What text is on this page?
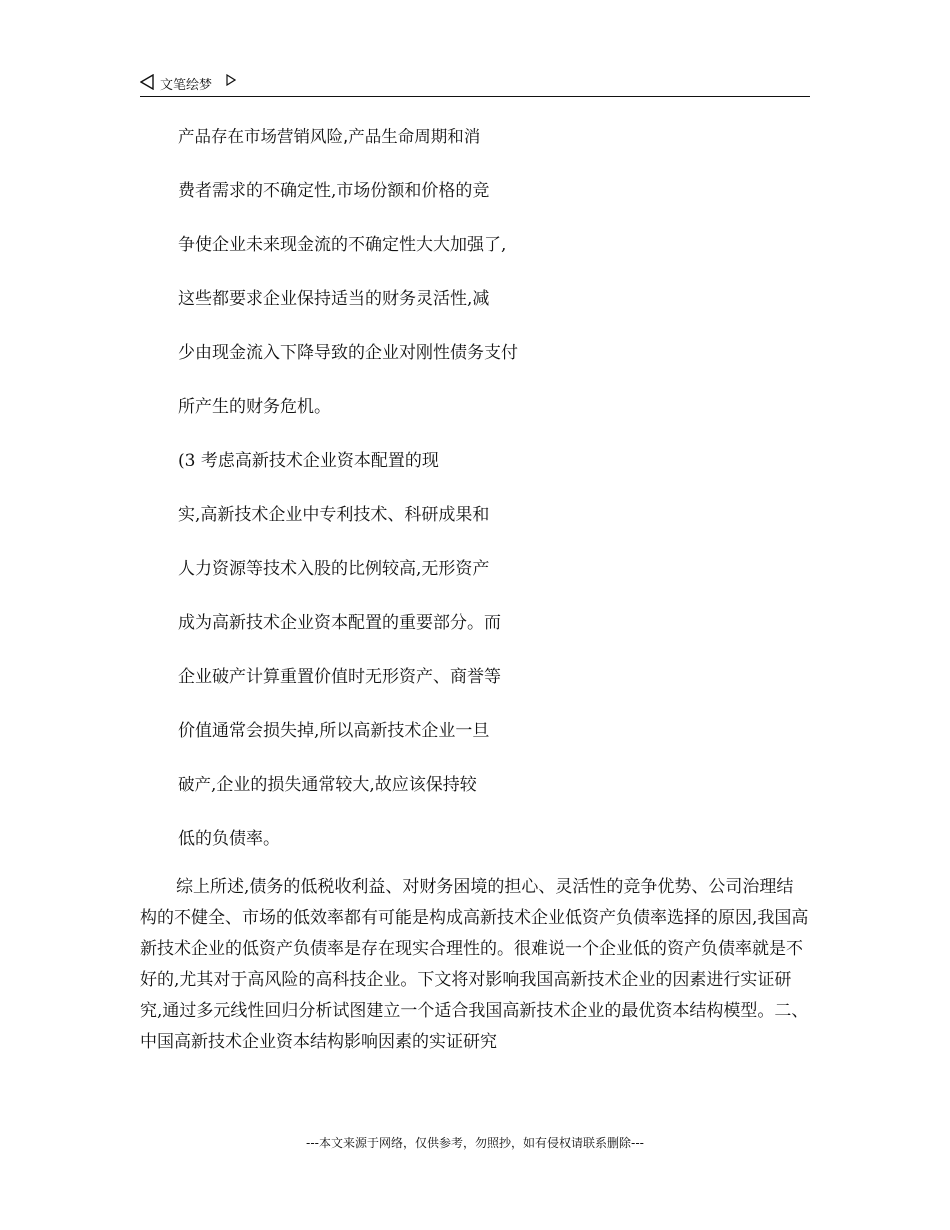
文笔绘梦
产品存在市场营销风险,产品生命周期和消
费者需求的不确定性,市场份额和价格的竞
争使企业未来现金流的不确定性大大加强了,
这些都要求企业保持适当的财务灵活性,减
少由现金流入下降导致的企业对刚性债务支付
所产生的财务危机。
(3 考虑高新技术企业资本配置的现
实,高新技术企业中专利技术、科研成果和
人力资源等技术入股的比例较高,无形资产
成为高新技术企业资本配置的重要部分。而
企业破产计算重置价值时无形资产、商誉等
价值通常会损失掉,所以高新技术企业一旦
破产,企业的损失通常较大,故应该保持较
低的负债率。
综上所述,债务的低税收利益、对财务困境的担心、灵活性的竞争优势、公司治理结构的不健全、市场的低效率都有可能是构成高新技术企业低资产负债率选择的原因,我国高新技术企业的低资产负债率是存在现实合理性的。很难说一个企业低的资产负债率就是不好的,尤其对于高风险的高科技企业。下文将对影响我国高新技术企业的因素进行实证研究,通过多元线性回归分析试图建立一个适合我国高新技术企业的最优资本结构模型。二、中国高新技术企业资本结构影响因素的实证研究
---本文来源于网络，仅供参考，勿照抄，如有侵权请联系删除---
